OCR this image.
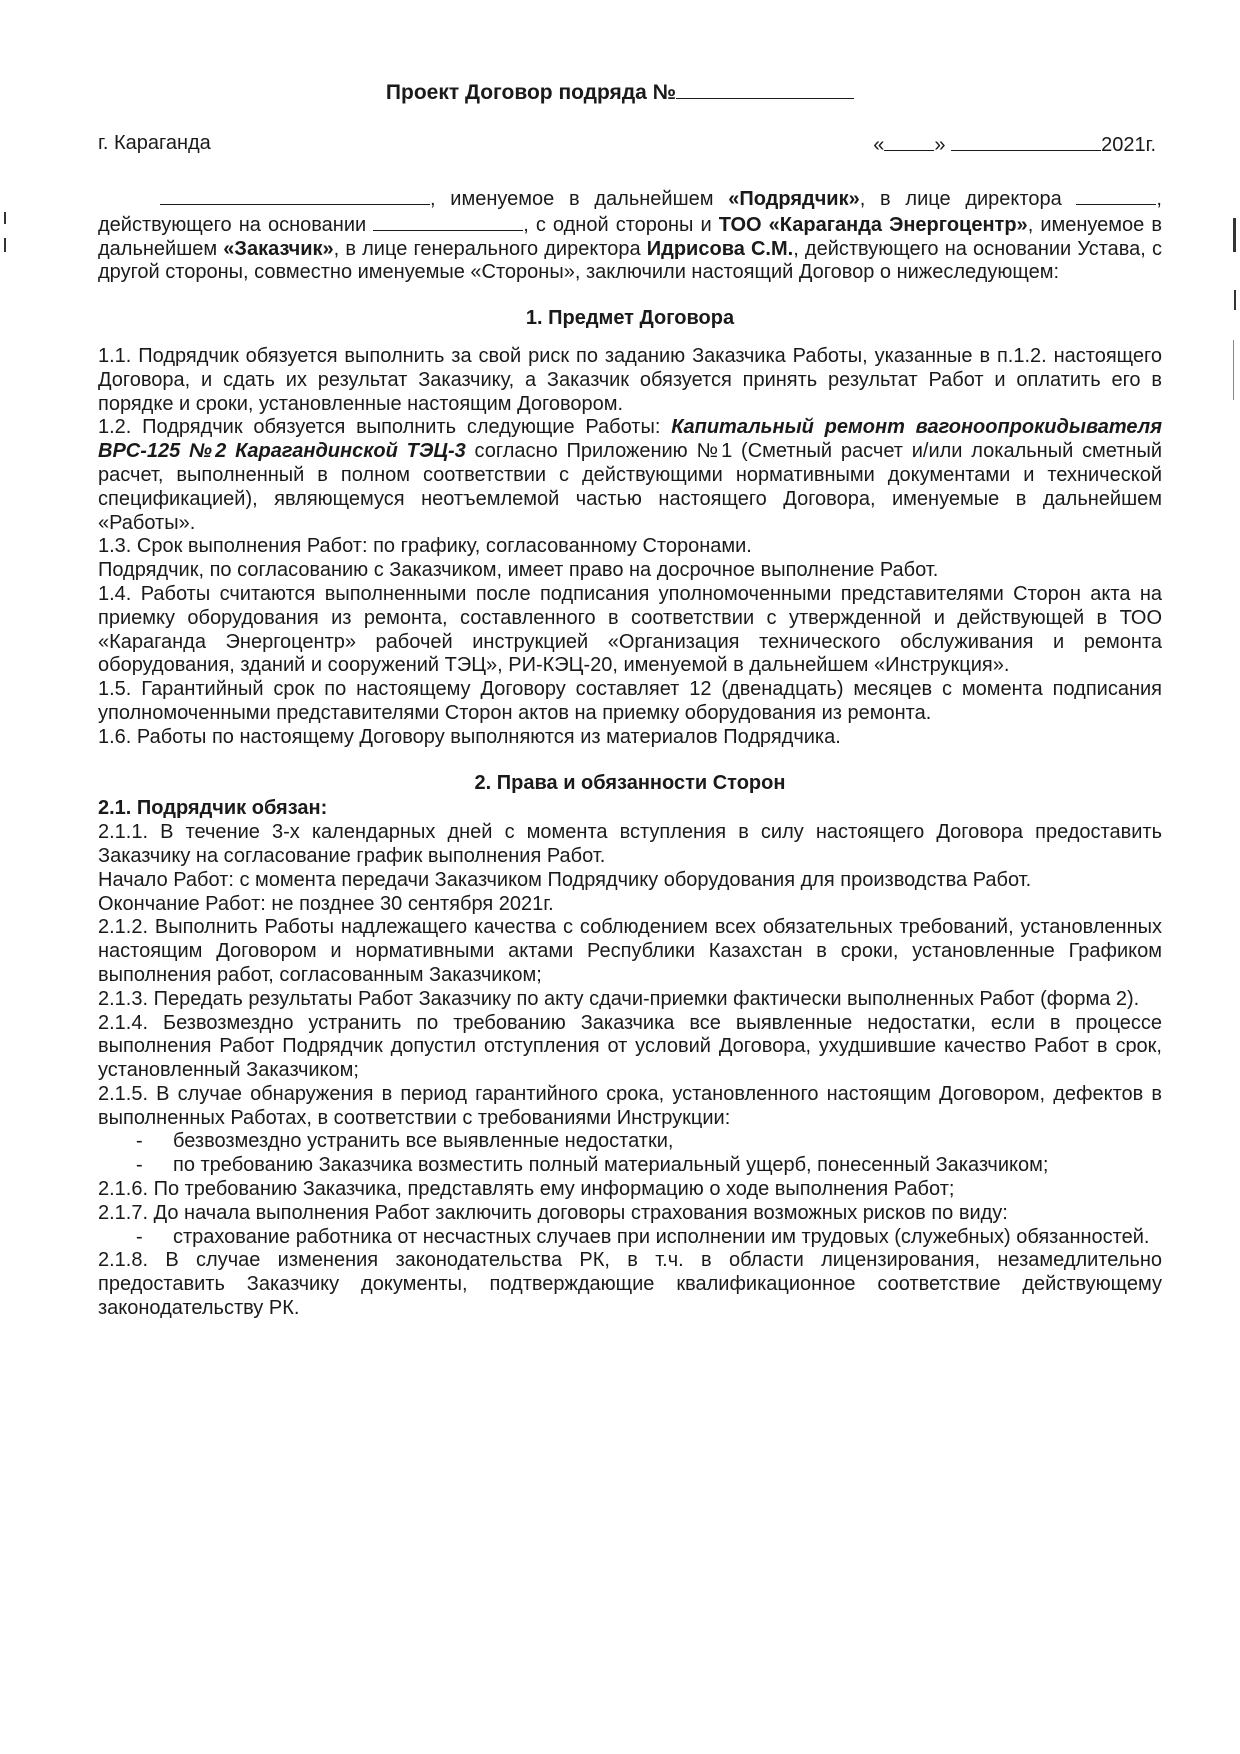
Проект Договор подряда №
г. Караганда	«	»	2021г.

, именуемое в дальнейшем «Подрядчик», в лице директора	, действующего на основании	, с одной стороны и ТОО «Караганда Энергоцентр», именуемое в дальнейшем «Заказчик», в лице генерального директора Идрисова С.М., действующего на основании Устава, с другой стороны, совместно именуемые «Стороны», заключили настоящий Договор о нижеследующем:

1. Предмет Договора

1.1. Подрядчик обязуется выполнить за свой риск по заданию Заказчика Работы, указанные в п.1.2. настоящего Договора, и сдать их результат Заказчику, а Заказчик обязуется принять результат Работ и оплатить его в порядке и сроки, установленные настоящим Договором.

1.2. Подрядчик обязуется выполнить следующие Работы: Капитальный ремонт вагоноопрокидывателя ВРС-125 №2 Карагандинской ТЭЦ-3 согласно Приложению №1 (Сметный расчет и/или локальный сметный расчет, выполненный в полном соответствии с действующими нормативными документами и технической спецификацией), являющемуся неотъемлемой частью настоящего Договора, именуемые в дальнейшем «Работы».

1.3. Срок выполнения Работ: по графику, согласованному Сторонами.

Подрядчик, по согласованию с Заказчиком, имеет право на досрочное выполнение Работ.

1.4. Работы считаются выполненными после подписания уполномоченными представителями Сторон акта на приемку оборудования из ремонта, составленного в соответствии с утвержденной и действующей в ТОО «Караганда Энергоцентр» рабочей инструкцией «Организация технического обслуживания и ремонта оборудования, зданий и сооружений ТЭЦ», РИ-КЭЦ-20, именуемой в дальнейшем «Инструкция».

1.5. Гарантийный срок по настоящему Договору составляет 12 (двенадцать) месяцев с момента подписания уполномоченными представителями Сторон актов на приемку оборудования из ремонта.

1.6. Работы по настоящему Договору выполняются из материалов Подрядчика.

2. Права и обязанности Сторон

2.1. Подрядчик обязан:

2.1.1. В течение 3-х календарных дней с момента вступления в силу настоящего Договора предоставить Заказчику на согласование график выполнения Работ.

Начало Работ: с момента передачи Заказчиком Подрядчику оборудования для производства Работ.

Окончание Работ: не позднее 30 сентября 2021г.

2.1.2. Выполнить Работы надлежащего качества с соблюдением всех обязательных требований, установленных настоящим Договором и нормативными актами Республики Казахстан в сроки, установленные Графиком выполнения работ, согласованным Заказчиком;

2.1.3. Передать результаты Работ Заказчику по акту сдачи-приемки фактически выполненных Работ (форма 2).

2.1.4. Безвозмездно устранить по требованию Заказчика все выявленные недостатки, если в процессе выполнения Работ Подрядчик допустил отступления от условий Договора, ухудшившие качество Работ в срок, установленный Заказчиком;

2.1.5. В случае обнаружения в период гарантийного срока, установленного настоящим Договором, дефектов в выполненных Работах, в соответствии с требованиями Инструкции:

- безвозмездно устранить все выявленные недостатки,

- по требованию Заказчика возместить полный материальный ущерб, понесенный Заказчиком;

2.1.6. По требованию Заказчика, представлять ему информацию о ходе выполнения Работ;

2.1.7. До начала выполнения Работ заключить договоры страхования возможных рисков по виду:

- страхование работника от несчастных случаев при исполнении им трудовых (служебных) обязанностей.

2.1.8. В случае изменения законодательства РК, в т.ч. в области лицензирования, незамедлительно предоставить Заказчику документы, подтверждающие квалификационное соответствие действующему законодательству РК.
